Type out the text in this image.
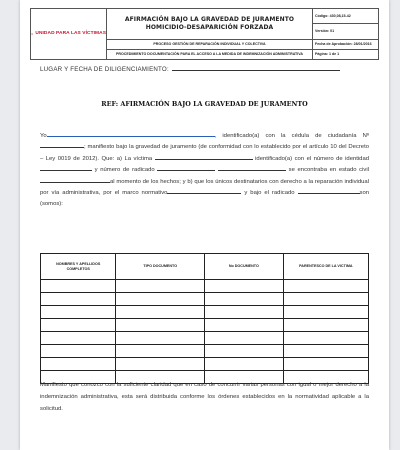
UNIDAD PARA LAS VÍCTIMAS	AFIRMACIÓN BAJO LA GRAVEDAD DE JURAMENTO HOMICIDIO-DESAPARICIÓN FORZADA	Código: 430,08,15-42
		Versión: 01
	PROCESO GESTIÓN DE REPARACIÓN INDIVIDUAL Y COLECTIVA	Fecha de Aprobación: 28/01/2016
	PROCEDIMIENTO DOCUMENTACIÓN PARA EL ACCESO A LA MEDIDA DE INDEMNIZACIÓN ADMINISTRATIVA	Página: 1 de 1
LUGAR Y FECHA DE DILIGENCIAMIENTO:
REF: AFIRMACIÓN BAJO LA GRAVEDAD DE JURAMENTO
Yo	, identificado(a) con la cédula de ciudadanía Nº; manifiesto bajo la gravedad de juramento (de conformidad con lo establecido por el artículo 10 del Decreto – Ley 0019 de 2012). Que: a) La víctima	identificado(a) con el número de identidad  y número de radicado	se encontraba en estado civil al momento de los hechos; y b) que los únicos destinatarios con derecho a la reparación individual por vía administrativa, por el marco normativo	y bajo el radicado	son (somos):
NOMBRES Y APELLIDOS COMPLETOS	TIPO DOCUMENTO	No DOCUMENTO	PARENTESCO DE LA VICTIMA

Manifiesto que conozco con la suficiente claridad que en caso de concurrir varias personas con igual o mejor derecho a la indemnización administrativa, esta será distribuida conforme los órdenes establecidos en la normatividad aplicable a la solicitud.
